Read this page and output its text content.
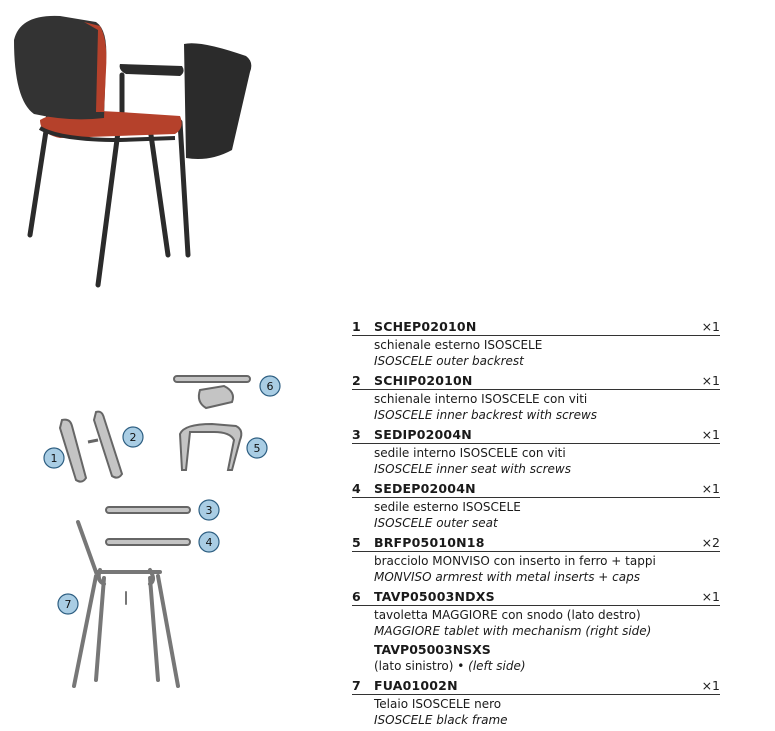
1
2
3
4
5
6
7
1	SCHEP02010N	×1
schienale esterno ISOSCELE
ISOSCELE outer backrest
2	SCHIP02010N	×1
schienale interno ISOSCELE con viti
ISOSCELE inner backrest with screws
3	SEDIP02004N	×1
sedile interno ISOSCELE con viti
ISOSCELE inner seat with screws
4	SEDEP02004N	×1
sedile esterno ISOSCELE
ISOSCELE outer seat
5	BRFP05010N18	×2
bracciolo MONVISO con inserto in ferro + tappi
MONVISO armrest with metal inserts + caps
6	TAVP05003NDXS	×1
tavoletta MAGGIORE con snodo (lato destro)
MAGGIORE tablet with mechanism (right side)
TAVP05003NSXS
(lato sinistro) • (left side)
7	FUA01002N	×1
Telaio ISOSCELE nero
ISOSCELE black frame
